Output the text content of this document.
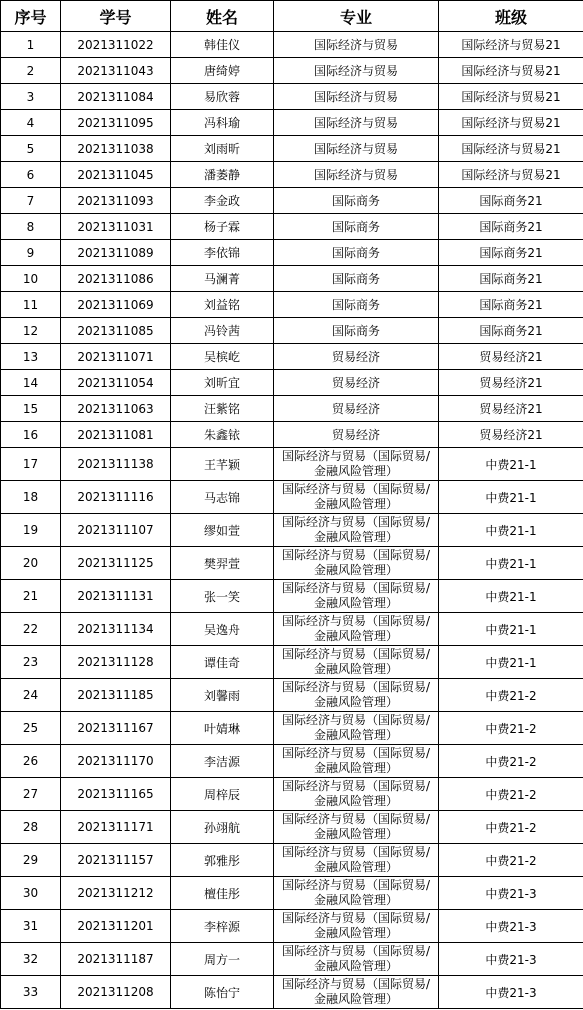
序号	学号	姓名	专业	班级
1	2021311022	韩佳仪	国际经济与贸易	国际经济与贸易21
2	2021311043	唐绮婷	国际经济与贸易	国际经济与贸易21
3	2021311084	易欣蓉	国际经济与贸易	国际经济与贸易21
4	2021311095	冯科瑜	国际经济与贸易	国际经济与贸易21
5	2021311038	刘雨昕	国际经济与贸易	国际经济与贸易21
6	2021311045	潘萎静	国际经济与贸易	国际经济与贸易21
7	2021311093	李金政	国际商务	国际商务21
8	2021311031	杨子霖	国际商务	国际商务21
9	2021311089	李依锦	国际商务	国际商务21
10	2021311086	马澜菁	国际商务	国际商务21
11	2021311069	刘益铭	国际商务	国际商务21
12	2021311085	冯铃茜	国际商务	国际商务21
13	2021311071	吴槟屹	贸易经济	贸易经济21
14	2021311054	刘昕宜	贸易经济	贸易经济21
15	2021311063	汪紫铭	贸易经济	贸易经济21
16	2021311081	朱鑫铱	贸易经济	贸易经济21
17	2021311138	王芊颖	国际经济与贸易（国际贸易/
金融风险管理）	中费21-1
18	2021311116	马志锦	国际经济与贸易（国际贸易/
金融风险管理）	中费21-1
19	2021311107	缪如萱	国际经济与贸易（国际贸易/
金融风险管理）	中费21-1
20	2021311125	樊羿萱	国际经济与贸易（国际贸易/
金融风险管理）	中费21-1
21	2021311131	张一笑	国际经济与贸易（国际贸易/
金融风险管理）	中费21-1
22	2021311134	吴逸舟	国际经济与贸易（国际贸易/
金融风险管理）	中费21-1
23	2021311128	谭佳奇	国际经济与贸易（国际贸易/
金融风险管理）	中费21-1
24	2021311185	刘馨雨	国际经济与贸易（国际贸易/
金融风险管理）	中费21-2
25	2021311167	叶婧琳	国际经济与贸易（国际贸易/
金融风险管理）	中费21-2
26	2021311170	李洁源	国际经济与贸易（国际贸易/
金融风险管理）	中费21-2
27	2021311165	周梓辰	国际经济与贸易（国际贸易/
金融风险管理）	中费21-2
28	2021311171	孙翊航	国际经济与贸易（国际贸易/
金融风险管理）	中费21-2
29	2021311157	郭雅彤	国际经济与贸易（国际贸易/
金融风险管理）	中费21-2
30	2021311212	檀佳彤	国际经济与贸易（国际贸易/
金融风险管理）	中费21-3
31	2021311201	李梓源	国际经济与贸易（国际贸易/
金融风险管理）	中费21-3
32	2021311187	周方一	国际经济与贸易（国际贸易/
金融风险管理）	中费21-3
33	2021311208	陈怡宁	国际经济与贸易（国际贸易/
金融风险管理）	中费21-3
